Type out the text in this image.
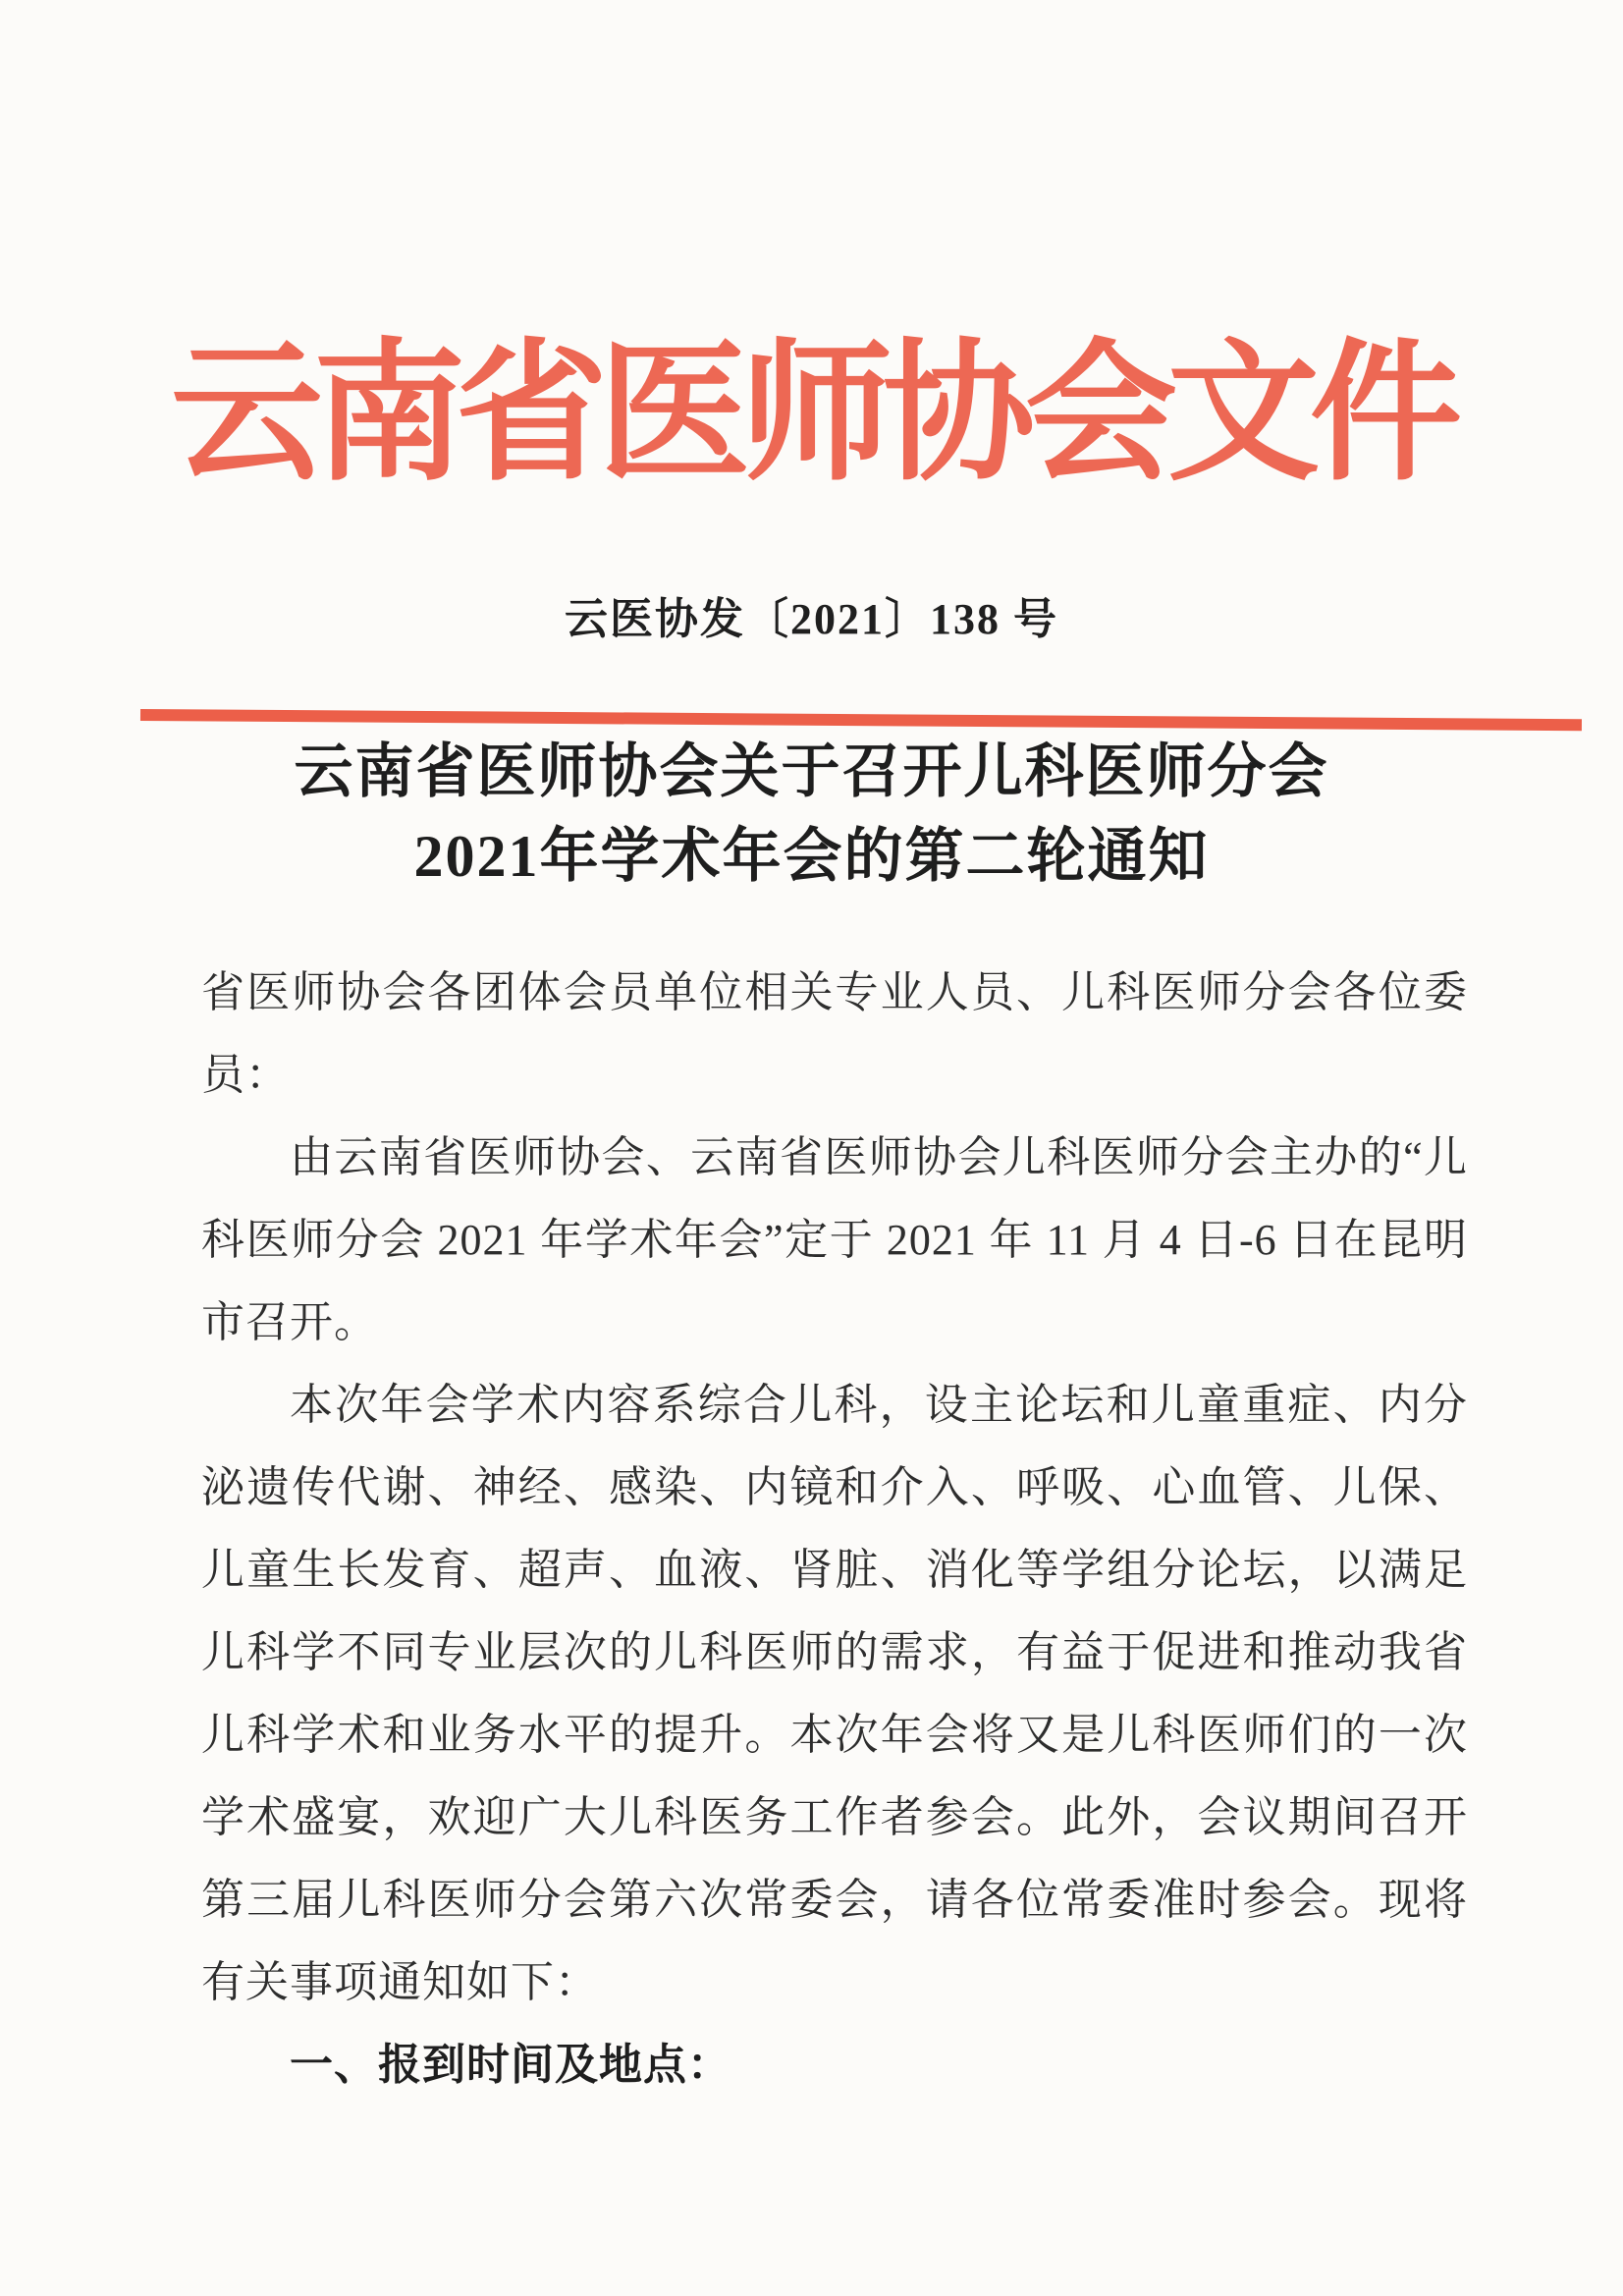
云南省医师协会文件
云医协发〔2021〕138 号
云南省医师协会关于召开儿科医师分会
2021年学术年会的第二轮通知
省医师协会各团体会员单位相关专业人员、儿科医师分会各位委
员：
由云南省医师协会、云南省医师协会儿科医师分会主办的“儿
科医师分会 2021 年学术年会”定于 2021 年 11 月 4 日-6 日在昆明
市召开。
本次年会学术内容系综合儿科，设主论坛和儿童重症、内分
泌遗传代谢、神经、感染、内镜和介入、呼吸、心血管、儿保、
儿童生长发育、超声、血液、肾脏、消化等学组分论坛，以满足
儿科学不同专业层次的儿科医师的需求，有益于促进和推动我省
儿科学术和业务水平的提升。本次年会将又是儿科医师们的一次
学术盛宴，欢迎广大儿科医务工作者参会。此外，会议期间召开
第三届儿科医师分会第六次常委会，请各位常委准时参会。现将
有关事项通知如下：
一、报到时间及地点：
